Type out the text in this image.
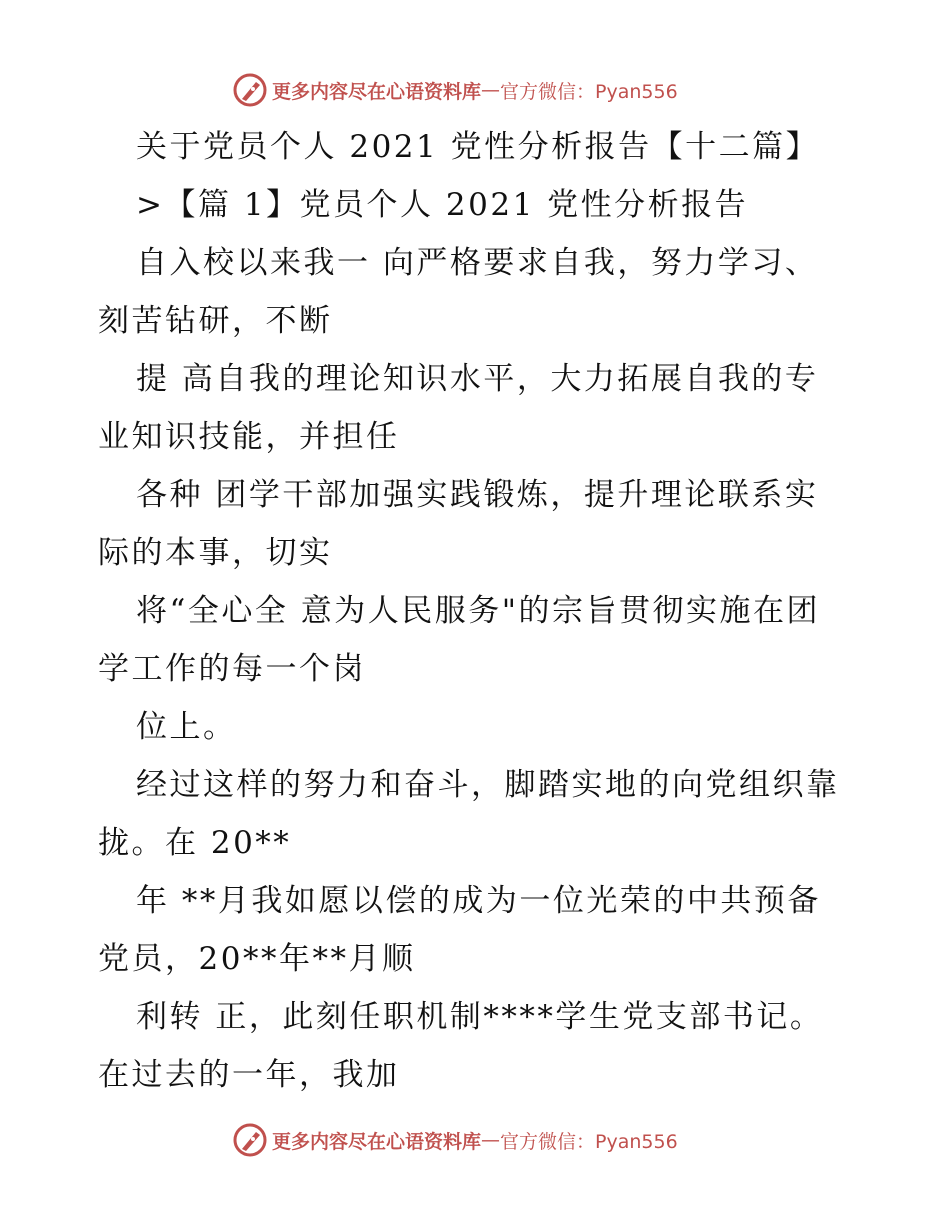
更多内容尽在心语资料库 — 官方微信：Pyan556
关于党员个人 2021 党性分析报告【十二篇】
>【篇 1】党员个人 2021 党性分析报告
自入校以来我一 向严格要求自我，努力学习、
刻苦钻研，不断
提 高自我的理论知识水平，大力拓展自我的专
业知识技能，并担任
各种 团学干部加强实践锻炼，提升理论联系实
际的本事，切实
将“全心全 意为人民服务"的宗旨贯彻实施在团
学工作的每一个岗
位上。
经过这样的努力和奋斗，脚踏实地的向党组织靠
拢。在 20**
年 **月我如愿以偿的成为一位光荣的中共预备
党员，20**年**月顺
利转 正，此刻任职机制****学生党支部书记。
在过去的一年，我加
更多内容尽在心语资料库 — 官方微信：Pyan556
